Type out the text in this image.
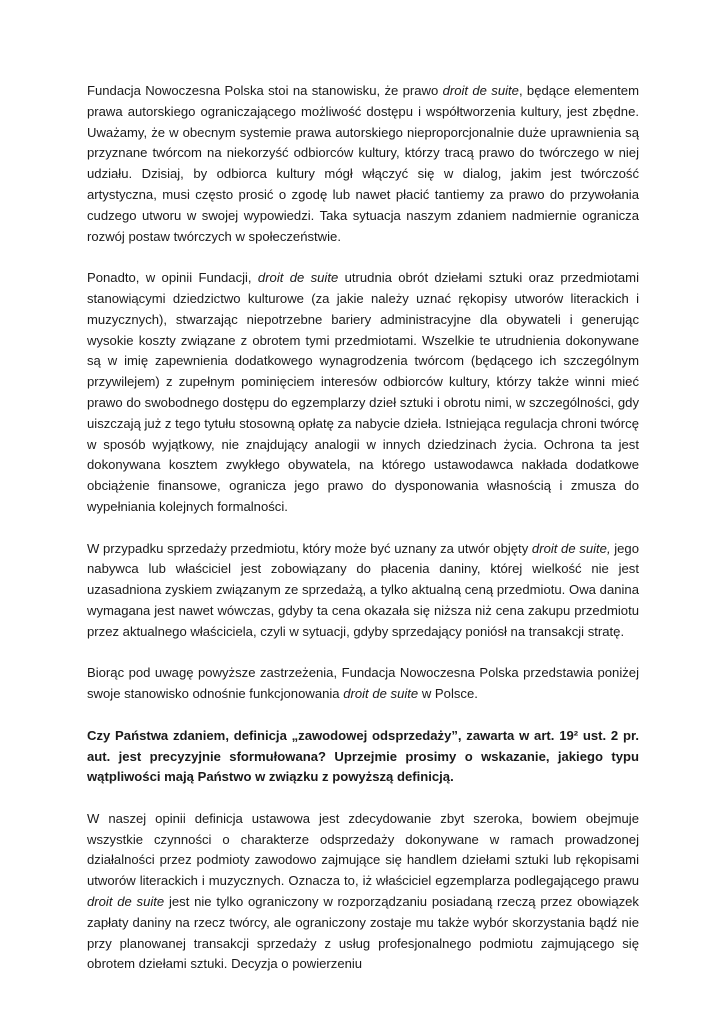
Fundacja Nowoczesna Polska stoi na stanowisku, że prawo droit de suite, będące elementem prawa autorskiego ograniczającego możliwość dostępu i współtworzenia kultury, jest zbędne. Uważamy, że w obecnym systemie prawa autorskiego nieproporcjonalnie duże uprawnienia są przyznane twórcom na niekorzyść odbiorców kultury, którzy tracą prawo do twórczego w niej udziału. Dzisiaj, by odbiorca kultury mógł włączyć się w dialog, jakim jest twórczość artystyczna, musi często prosić o zgodę lub nawet płacić tantiemy za prawo do przywołania cudzego utworu w swojej wypowiedzi. Taka sytuacja naszym zdaniem nadmiernie ogranicza rozwój postaw twórczych w społeczeństwie.

Ponadto, w opinii Fundacji, droit de suite utrudnia obrót dziełami sztuki oraz przedmiotami stanowiącymi dziedzictwo kulturowe (za jakie należy uznać rękopisy utworów literackich i muzycznych), stwarzając niepotrzebne bariery administracyjne dla obywateli i generując wysokie koszty związane z obrotem tymi przedmiotami. Wszelkie te utrudnienia dokonywane są w imię zapewnienia dodatkowego wynagrodzenia twórcom (będącego ich szczególnym przywilejem) z zupełnym pominięciem interesów odbiorców kultury, którzy także winni mieć prawo do swobodnego dostępu do egzemplarzy dzieł sztuki i obrotu nimi, w szczególności, gdy uiszczają już z tego tytułu stosowną opłatę za nabycie dzieła. Istniejąca regulacja chroni twórcę w sposób wyjątkowy, nie znajdujący analogii w innych dziedzinach życia. Ochrona ta jest dokonywana kosztem zwykłego obywatela, na którego ustawodawca nakłada dodatkowe obciążenie finansowe, ogranicza jego prawo do dysponowania własnością i zmusza do wypełniania kolejnych formalności.

W przypadku sprzedaży przedmiotu, który może być uznany za utwór objęty droit de suite, jego nabywca lub właściciel jest zobowiązany do płacenia daniny, której wielkość nie jest uzasadniona zyskiem związanym ze sprzedażą, a tylko aktualną ceną przedmiotu. Owa danina wymagana jest nawet wówczas, gdyby ta cena okazała się niższa niż cena zakupu przedmiotu przez aktualnego właściciela, czyli w sytuacji, gdyby sprzedający poniósł na transakcji stratę.

Biorąc pod uwagę powyższe zastrzeżenia, Fundacja Nowoczesna Polska przedstawia poniżej swoje stanowisko odnośnie funkcjonowania droit de suite w Polsce.

Czy Państwa zdaniem, definicja „zawodowej odsprzedaży”, zawarta w art. 19² ust. 2 pr. aut. jest precyzyjnie sformułowana? Uprzejmie prosimy o wskazanie, jakiego typu wątpliwości mają Państwo w związku z powyższą definicją.

W naszej opinii definicja ustawowa jest zdecydowanie zbyt szeroka, bowiem obejmuje wszystkie czynności o charakterze odsprzedaży dokonywane w ramach prowadzonej działalności przez podmioty zawodowo zajmujące się handlem dziełami sztuki lub rękopisami utworów literackich i muzycznych. Oznacza to, iż właściciel egzemplarza podlegającego prawu droit de suite jest nie tylko ograniczony w rozporządzaniu posiadaną rzeczą przez obowiązek zapłaty daniny na rzecz twórcy, ale ograniczony zostaje mu także wybór skorzystania bądź nie przy planowanej transakcji sprzedaży z usług profesjonalnego podmiotu zajmującego się obrotem dziełami sztuki. Decyzja o powierzeniu
